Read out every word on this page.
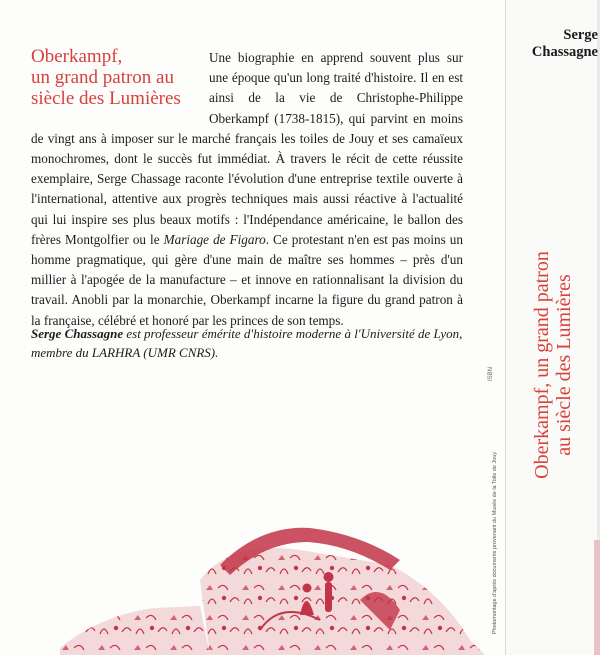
Oberkampf,
un grand patron au
siècle des Lumières

Une biographie en apprend souvent plus sur une époque qu'un long traité d'histoire. Il en est ainsi de la vie de Christophe-Philippe Oberkampf (1738-1815), qui parvint en moins de vingt ans à imposer sur le marché français les toiles de Jouy et ses camaïeux monochromes, dont le succès fut immédiat. À travers le récit de cette réussite exemplaire, Serge Chassage raconte l'évolution d'une entreprise textile ouverte à l'international, attentive aux progrès techniques mais aussi réactive à l'actualité qui lui inspire ses plus beaux motifs : l'Indépendance américaine, le ballon des frères Montgolfier ou le Mariage de Figaro. Ce protestant n'en est pas moins un homme pragmatique, qui gère d'une main de maître ses hommes – près d'un millier à l'apogée de la manufacture – et innove en rationnalisant la division du travail. Anobli par la monarchie, Oberkampf incarne la figure du grand patron à la française, célébré et honoré par les princes de son temps.

Serge Chassagne est professeur émérite d'histoire moderne à l'Université de Lyon, membre du LARHRA (UMR CNRS).

Serge
Chassagne
Oberkampf, un grand patron au siècle des Lumières
Photomontage d'après documents provenant du Musée de la Toile de Jouy
ISBN
